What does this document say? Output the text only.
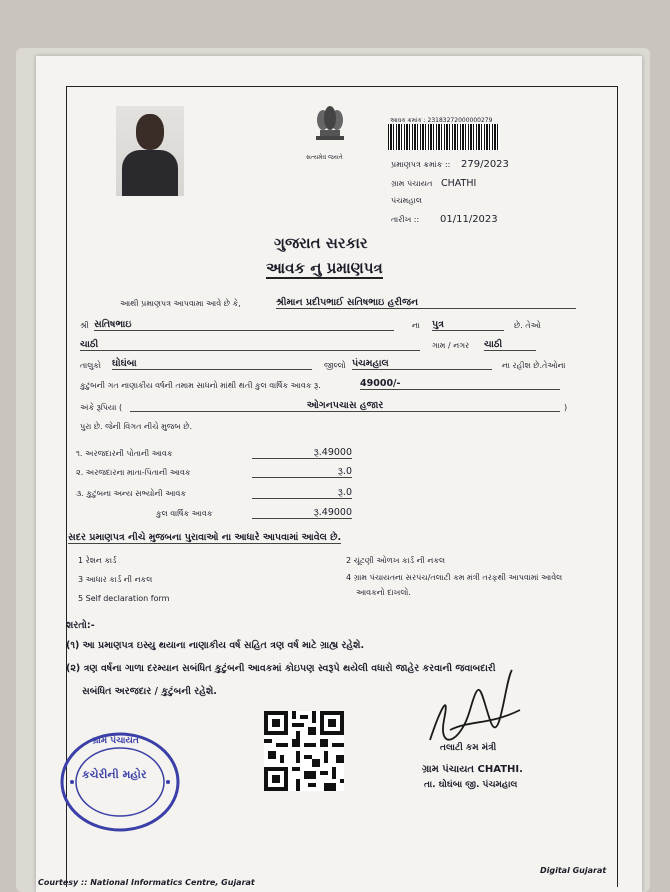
સત્યમેવ જયતે
આવક ક્રમાંક : 23183272000000279
પ્રમાણપત્ર ક્રમાંક :: 279/2023
ગ્રામ પંચાયત CHATHI
પંચમહાલ
તારીખ :: 01/11/2023
ગુજરાત સરકાર
આવક નુ પ્રમાણપત્ર
આથી પ્રમાણપત્ર આપવામા આવે છે કે,	શ્રીમાન પ્રદીપભાઈ સતિષભાઇ હરીજન
શ્રી સતિષભાઇ	ના પુત્ર	છે. તેઓ
ચાઠી	ગામ / નગર ચાઠી
તાલુકો ઘોઘંબા	જીલ્લો પંચમહાલ	ના રહીશ છે.તેઓના
કુટુંબની ગત નાણાકીય વર્ષની તમામ સાધનો માંથી થતી કુલ વાર્ષિક આવક રૂ.	49000/-
અંકે રૂપિયા (	ઓગનપચાસ હજાર	)
પુરા છે. જેની વિગત નીચે મુજબ છે.
૧. અરજદારની પોતાની આવક	રૂ.49000
૨. અરજદારના માતા-પિતાની આવક	રૂ.0
૩. કુટુંબના અન્ય સભ્યોની આવક	રૂ.0
કુલ વાર્ષિક આવક	રૂ.49000
સદર પ્રમાણપત્ર નીચે મુજબના પુરાવાઓ ના આધારે આપવામાં આવેલ છે.
1 રેશન કાર્ડ	2 ચૂંટણી ઓળખ કાર્ડ ની નકલ
3 આધાર કાર્ડ ની નકલ	4 ગ્રામ પંચાયતના સરપંચ/તલાટી કમ મંત્રી તરફથી આપવામાં આવેલ
આવકનો દાખલો.
5 Self declaration form
શરતો:-
(૧) આ પ્રમાણપત્ર ઇસ્યુ થયાના નાણાકીય વર્ષ સહિત ત્રણ વર્ષ માટે ગ્રાહ્ય રહેશે.
(૨) ત્રણ વર્ષના ગાળા દરમ્યાન સબંધિત કુટુંબની આવકમાં કોઇપણ સ્વરૂપે થયેલી વધારો જાહેર કરવાની જવાબદારી
સબંધિત અરજદાર / કુટુંબની રહેશે.
ગ્રામ પંચાયત
કચેરીની મહોર
તલાટી કમ મંત્રી
ગ્રામ પંચાયત CHATHI.
તા. ઘોઘંબા જી. પંચમહાલ
Courtesy :: National Informatics Centre, Gujarat
Digital Gujarat
